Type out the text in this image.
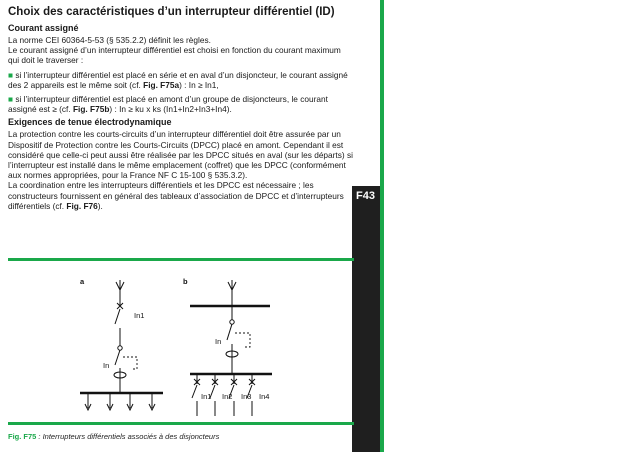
F43
Choix des caractéristiques d’un interrupteur différentiel (ID)
Courant assigné

La norme CEI 60364-5-53 (§ 535.2.2) définit les règles.

Le courant assigné d’un interrupteur différentiel est choisi en fonction du courant maximum qui doit le traverser :

■ si l’interrupteur différentiel est placé en série et en aval d’un disjoncteur, le courant assigné des 2 appareils est le même soit (cf. Fig. F75a) : In ≥ In1,

■ si l’interrupteur différentiel est placé en amont d’un groupe de disjoncteurs, le courant assigné est ≥ (cf. Fig. F75b) : In ≥ ku x ks (In1+In2+In3+In4).

Exigences de tenue électrodynamique

La protection contre les courts-circuits d’un interrupteur différentiel doit être assurée par un Dispositif de Protection contre les Courts-Circuits (DPCC) placé en amont. Cependant il est considéré que celle-ci peut aussi être réalisée par les DPCC situés en aval (sur les départs) si l’interrupteur est installé dans le même emplacement (coffret) que les DPCC (conformément aux normes appropriées, pour la France NF C 15-100 § 535.3.2).

La coordination entre les interrupteurs différentiels et les DPCC est nécessaire ; les constructeurs fournissent en général des tableaux d’association de DPCC et d’interrupteurs différentiels (cf. Fig. F76).

a
In1
In
b
In
In1 In2 In3 In4
Fig. F75 : Interrupteurs différentiels associés à des disjoncteurs
